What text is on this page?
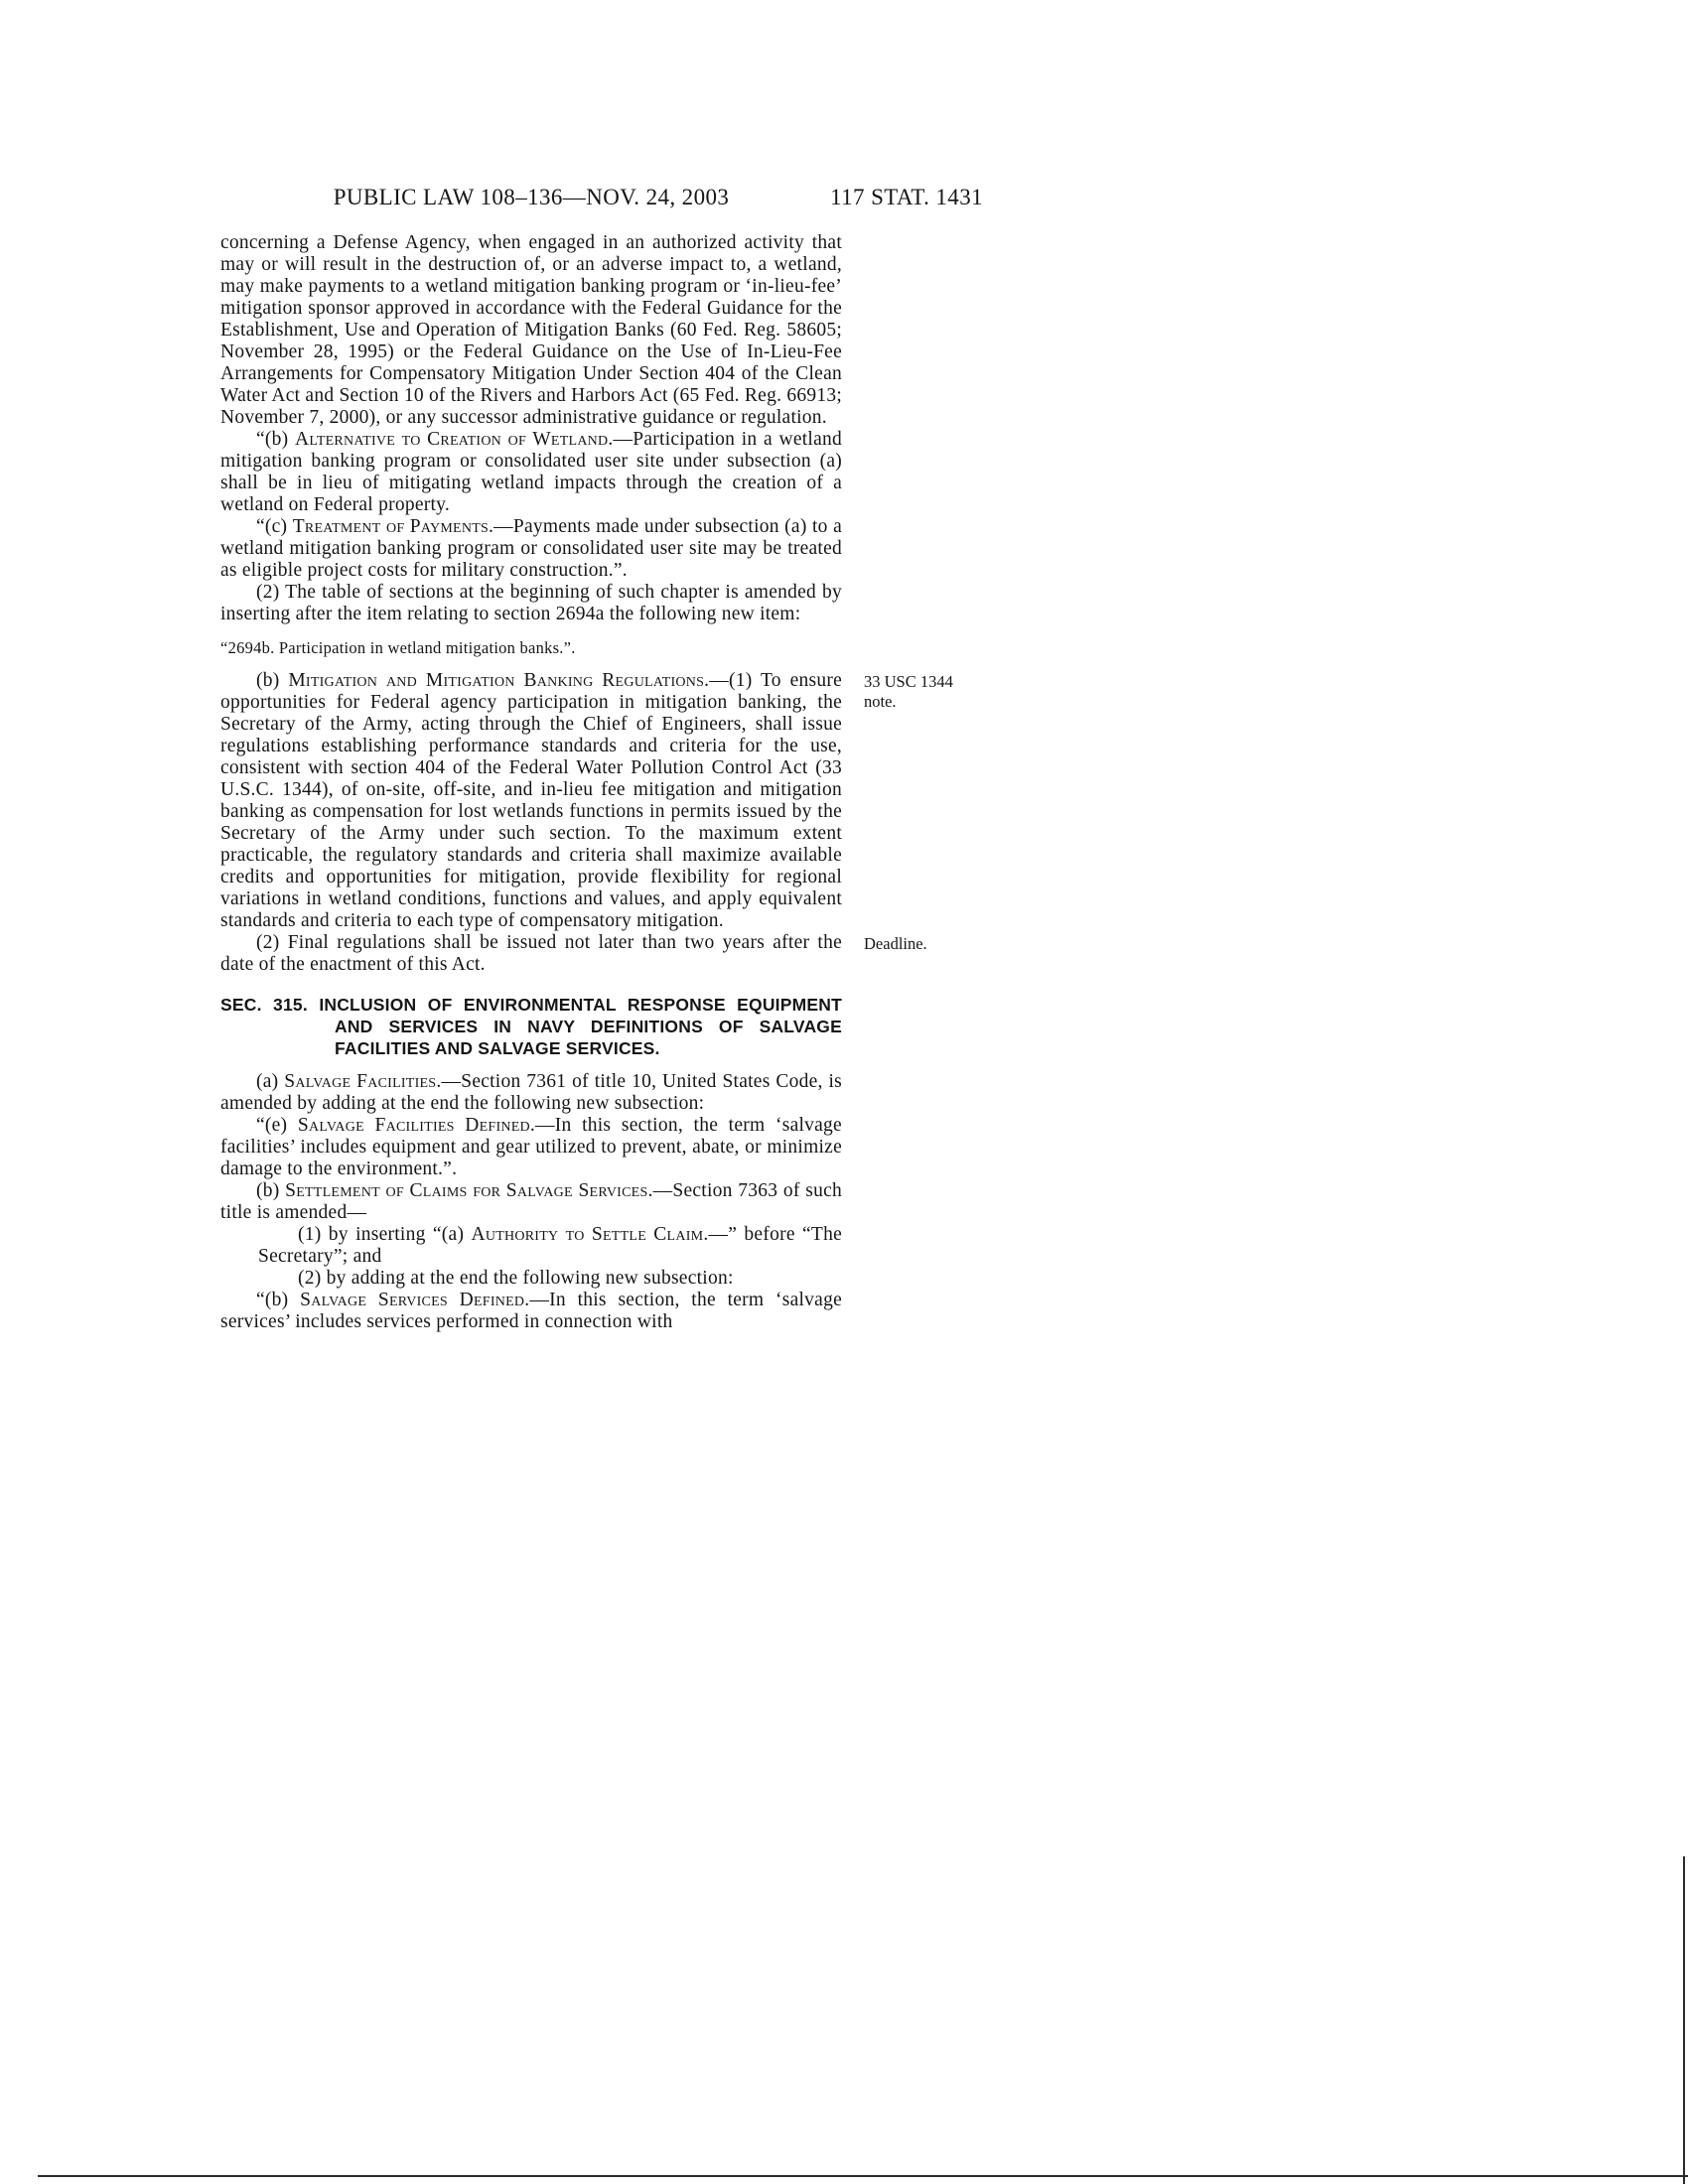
PUBLIC LAW 108–136—NOV. 24, 2003	117 STAT. 1431

concerning a Defense Agency, when engaged in an authorized activity that may or will result in the destruction of, or an adverse impact to, a wetland, may make payments to a wetland mitigation banking program or ‘in-lieu-fee’ mitigation sponsor approved in accordance with the Federal Guidance for the Establishment, Use and Operation of Mitigation Banks (60 Fed. Reg. 58605; November 28, 1995) or the Federal Guidance on the Use of In-Lieu-Fee Arrangements for Compensatory Mitigation Under Section 404 of the Clean Water Act and Section 10 of the Rivers and Harbors Act (65 Fed. Reg. 66913; November 7, 2000), or any successor administrative guidance or regulation.

“(b) Alternative to Creation of Wetland.—Participation in a wetland mitigation banking program or consolidated user site under subsection (a) shall be in lieu of mitigating wetland impacts through the creation of a wetland on Federal property.

“(c) Treatment of Payments.—Payments made under subsection (a) to a wetland mitigation banking program or consolidated user site may be treated as eligible project costs for military construction.”.

(2) The table of sections at the beginning of such chapter is amended by inserting after the item relating to section 2694a the following new item:

“2694b. Participation in wetland mitigation banks.”.

(b) Mitigation and Mitigation Banking Regulations.—(1) To ensure opportunities for Federal agency participation in mitigation banking, the Secretary of the Army, acting through the Chief of Engineers, shall issue regulations establishing performance standards and criteria for the use, consistent with section 404 of the Federal Water Pollution Control Act (33 U.S.C. 1344), of on-site, off-site, and in-lieu fee mitigation and mitigation banking as compensation for lost wetlands functions in permits issued by the Secretary of the Army under such section. To the maximum extent practicable, the regulatory standards and criteria shall maximize available credits and opportunities for mitigation, provide flexibility for regional variations in wetland conditions, functions and values, and apply equivalent standards and criteria to each type of compensatory mitigation.
33 USC 1344
note.

(2) Final regulations shall be issued not later than two years after the date of the enactment of this Act.
Deadline.

SEC. 315. INCLUSION OF ENVIRONMENTAL RESPONSE EQUIPMENT AND SERVICES IN NAVY DEFINITIONS OF SALVAGE FACILITIES AND SALVAGE SERVICES.

(a) Salvage Facilities.—Section 7361 of title 10, United States Code, is amended by adding at the end the following new subsection:

“(e) Salvage Facilities Defined.—In this section, the term ‘salvage facilities’ includes equipment and gear utilized to prevent, abate, or minimize damage to the environment.”.

(b) Settlement of Claims for Salvage Services.—Section 7363 of such title is amended—

(1) by inserting “(a) Authority to Settle Claim.—” before “The Secretary”; and

(2) by adding at the end the following new subsection:

“(b) Salvage Services Defined.—In this section, the term ‘salvage services’ includes services performed in connection with
